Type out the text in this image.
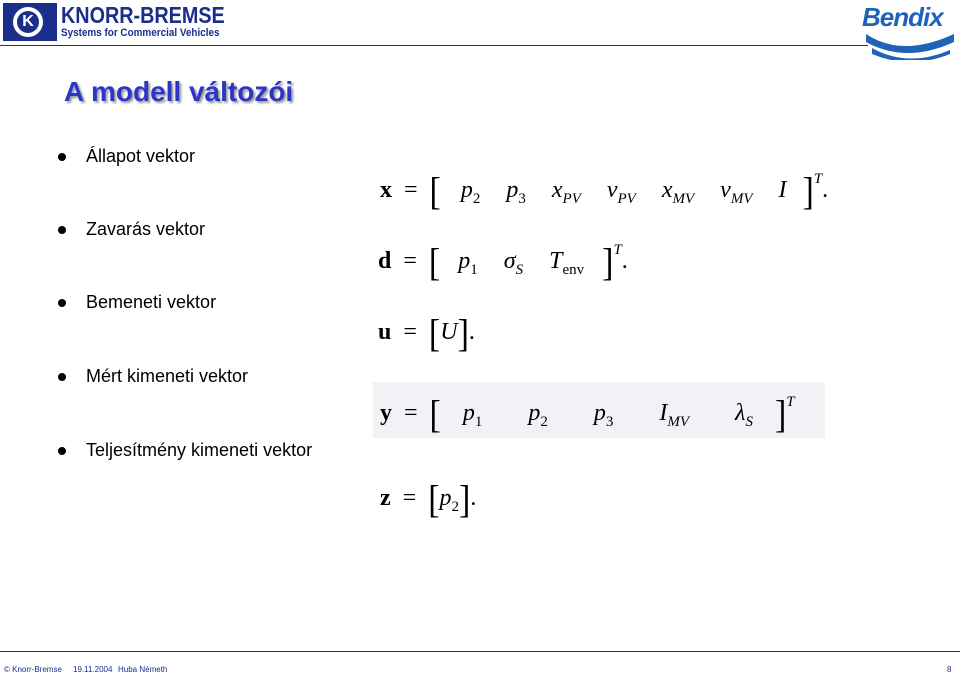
K KNORR-BREMSE
Systems for Commercial Vehicles
Bendix
A modell változói
Állapot vektor
Zavarás vektor
Bemeneti vektor
Mért kimeneti vektor
Teljesítmény kimeneti vektor
x = [ $p_2$ $p_3$ $x_{PV}$ $v_{PV}$ $x_{MV}$ $v_{MV}$ I ]$^T$.
d = [ $p_1$ $\sigma_S$ $T_{env}$ ]$^T$.
u = [U].
y = [ $p_1$ $p_2$ $p_3$ $I_{MV}$ $\lambda_S$ ]$^T$
$z = [p_2]$.
© Knorr-Bremse 19.11.2004 Huba Németh	8
